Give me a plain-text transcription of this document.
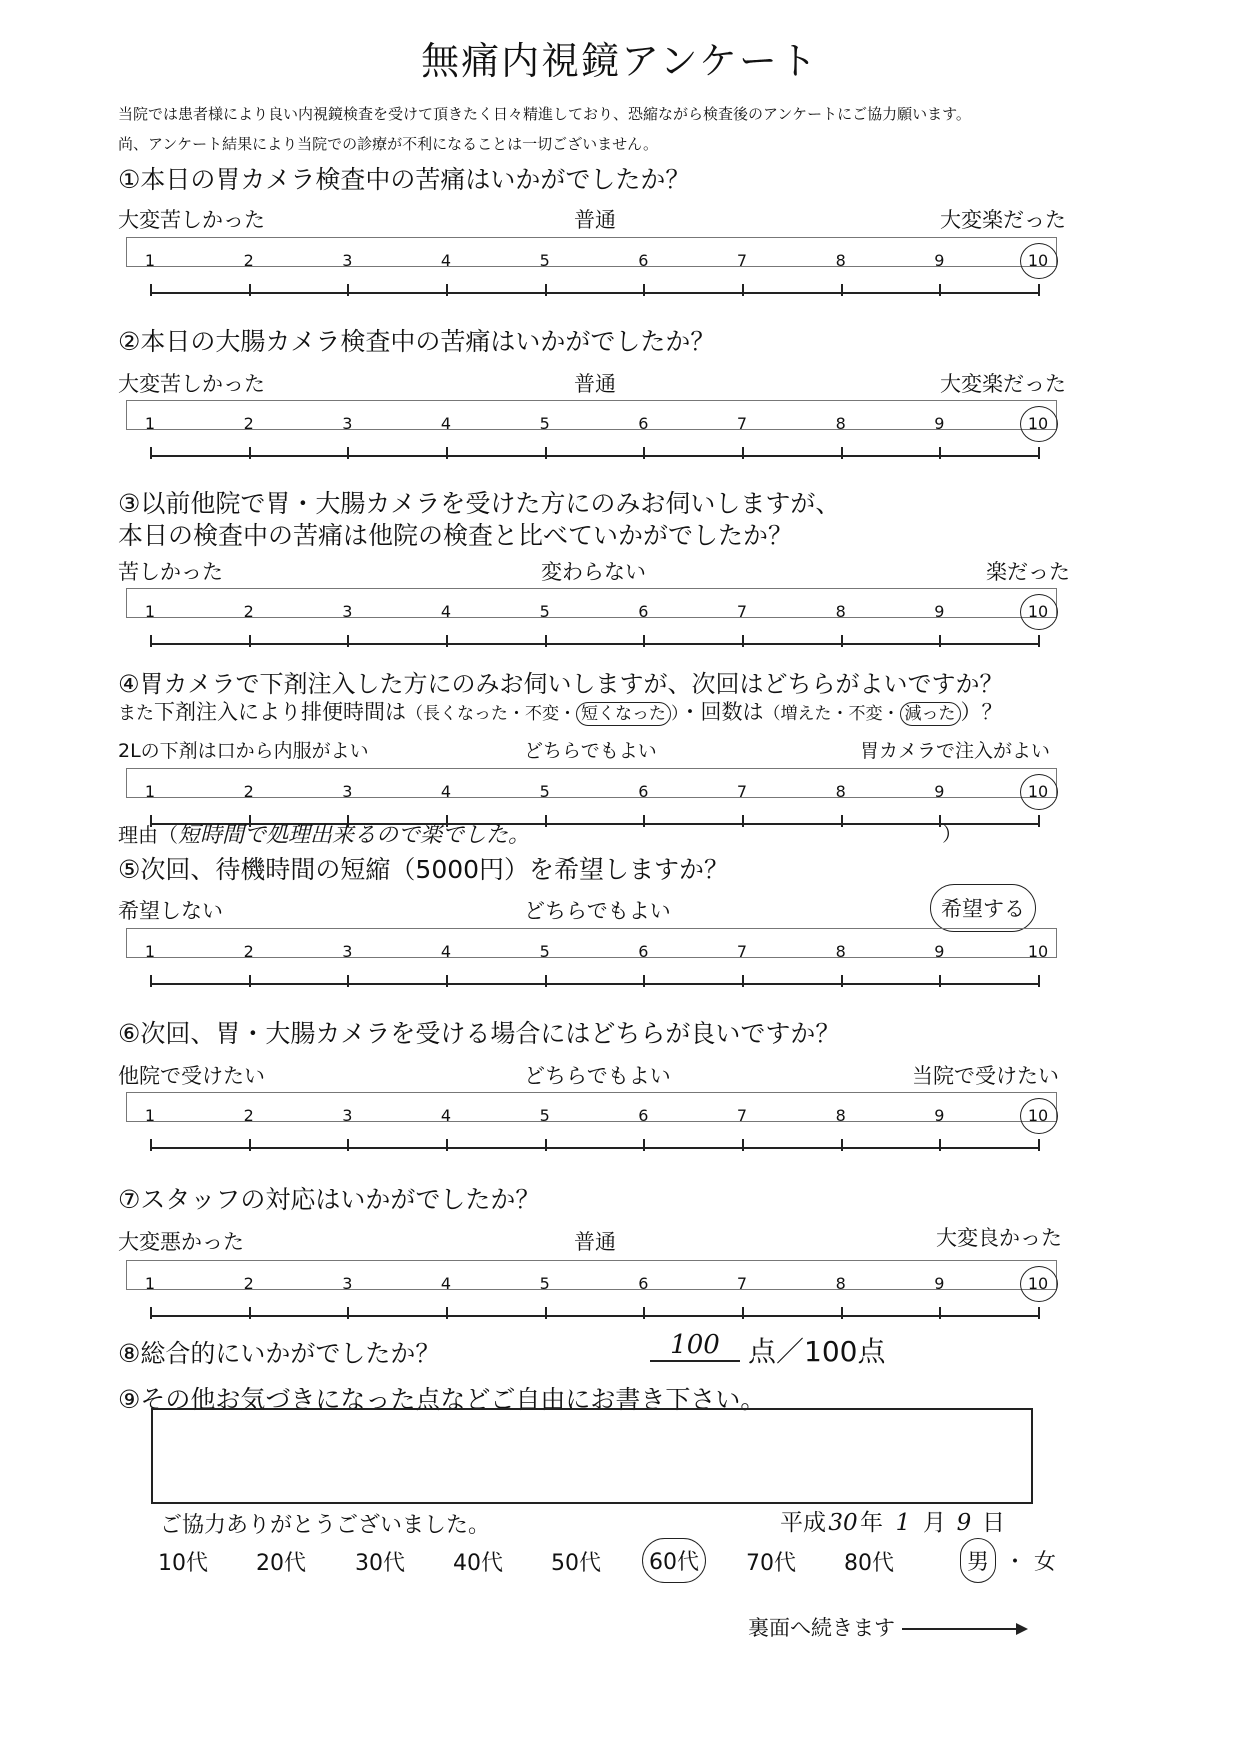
無痛内視鏡アンケート
当院では患者様により良い内視鏡検査を受けて頂きたく日々精進しており、恐縮ながら検査後のアンケートにご協力願います。
尚、アンケート結果により当院での診療が不利になることは一切ございません。
①本日の胃カメラ検査中の苦痛はいかがでしたか？
大変苦しかった	普通	大変楽だった
1	2	3	4	5	6	7	8	9	10
②本日の大腸カメラ検査中の苦痛はいかがでしたか？
大変苦しかった	普通	大変楽だった
1	2	3	4	5	6	7	8	9	10
③以前他院で胃・大腸カメラを受けた方にのみお伺いしますが、
本日の検査中の苦痛は他院の検査と比べていかがでしたか？
苦しかった	変わらない	楽だった
1	2	3	4	5	6	7	8	9	10
④胃カメラで下剤注入した方にのみお伺いしますが、次回はどちらがよいですか？
また下剤注入により排便時間は（長くなった・不変・ 短くなった ）・回数は（増えた・不変・ 減った ）？
2Lの下剤は口から内服がよい	どちらでもよい	胃カメラで注入がよい
1	2	3	4	5	6	7	8	9	10
理由（短時間で処理出来るので楽でした。	）
⑤次回、待機時間の短縮（5000円）を希望しますか？
希望しない	どちらでもよい	希望する
1	2	3	4	5	6	7	8	9	10
⑥次回、胃・大腸カメラを受ける場合にはどちらが良いですか？
他院で受けたい	どちらでもよい	当院で受けたい
1	2	3	4	5	6	7	8	9	10
⑦スタッフの対応はいかがでしたか？
大変悪かった	普通	大変良かった
1	2	3	4	5	6	7	8	9	10
⑧総合的にいかがでしたか？	100	点／100点
⑨その他お気づきになった点などご自由にお書き下さい。
ご協力ありがとうございました。	平成 30 年 1 月 9 日
10代 20代 30代 40代 50代	60代	70代 80代	男 ・ 女
裏面へ続きます
